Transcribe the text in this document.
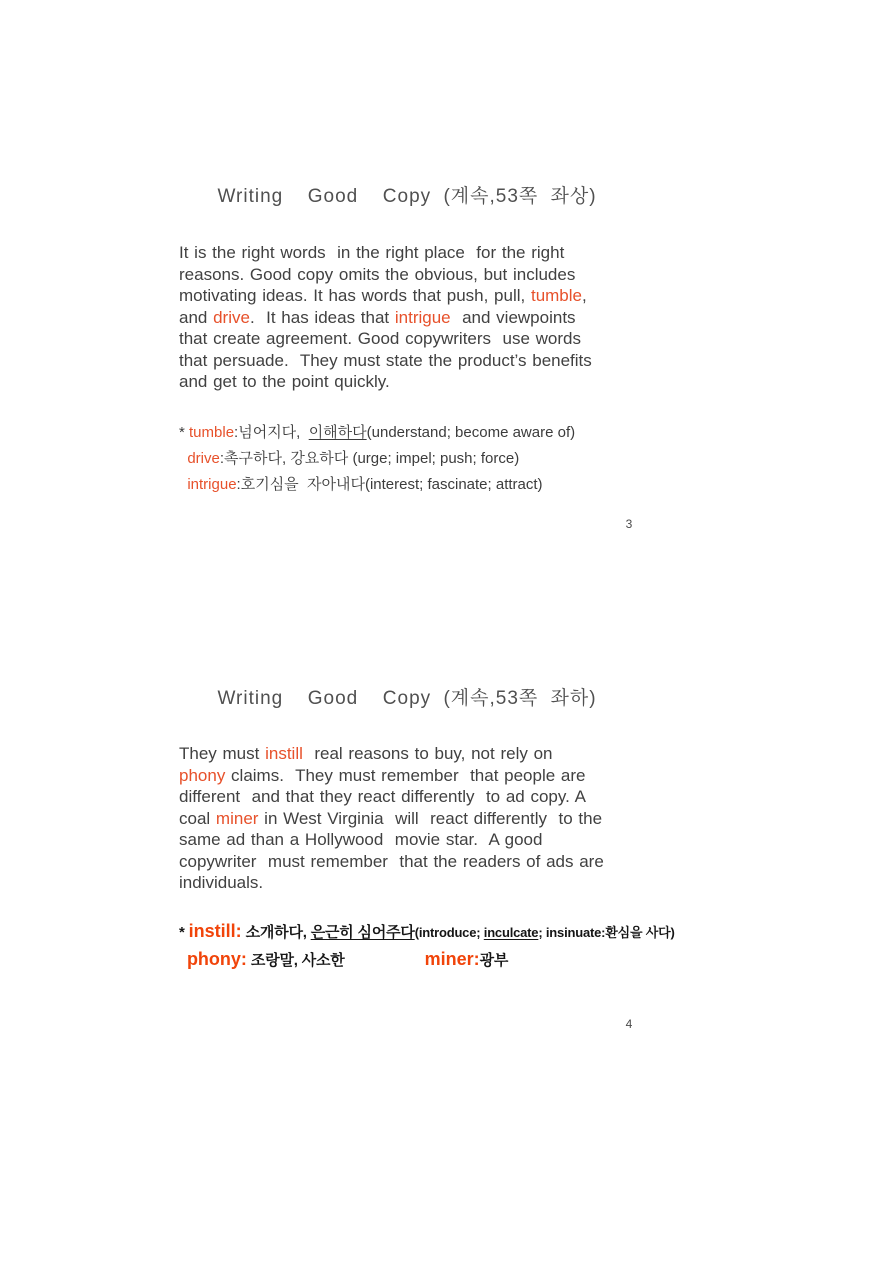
Writing  Good  Copy (계속,53쪽 좌상)
It is the right words  in the right place  for the right
reasons. Good copy omits the obvious, but includes
motivating ideas. It has words that push, pull, tumble,
and drive.  It has ideas that intrigue  and viewpoints
that create agreement. Good copywriters  use words
that persuade.  They must state the product’s benefits
and get to the point quickly.
* tumble:넘어지다,  이해하다(understand; become aware of)
drive:촉구하다, 강요하다 (urge; impel; push; force)
intrigue:호기심을  자아내다(interest; fascinate; attract)
3
Writing  Good  Copy (계속,53쪽 좌하)
They must instill  real reasons to buy, not rely on
phony claims.  They must remember  that people are
different  and that they react differently  to ad copy. A
coal miner in West Virginia  will  react differently  to the
same ad than a Hollywood  movie star.  A good
copywriter  must remember  that the readers of ads are
individuals.
* instill: 소개하다, 은근히 심어주다(introduce; inculcate; insinuate:환심을 사다)
phony: 조랑말, 사소한	miner:광부
4
